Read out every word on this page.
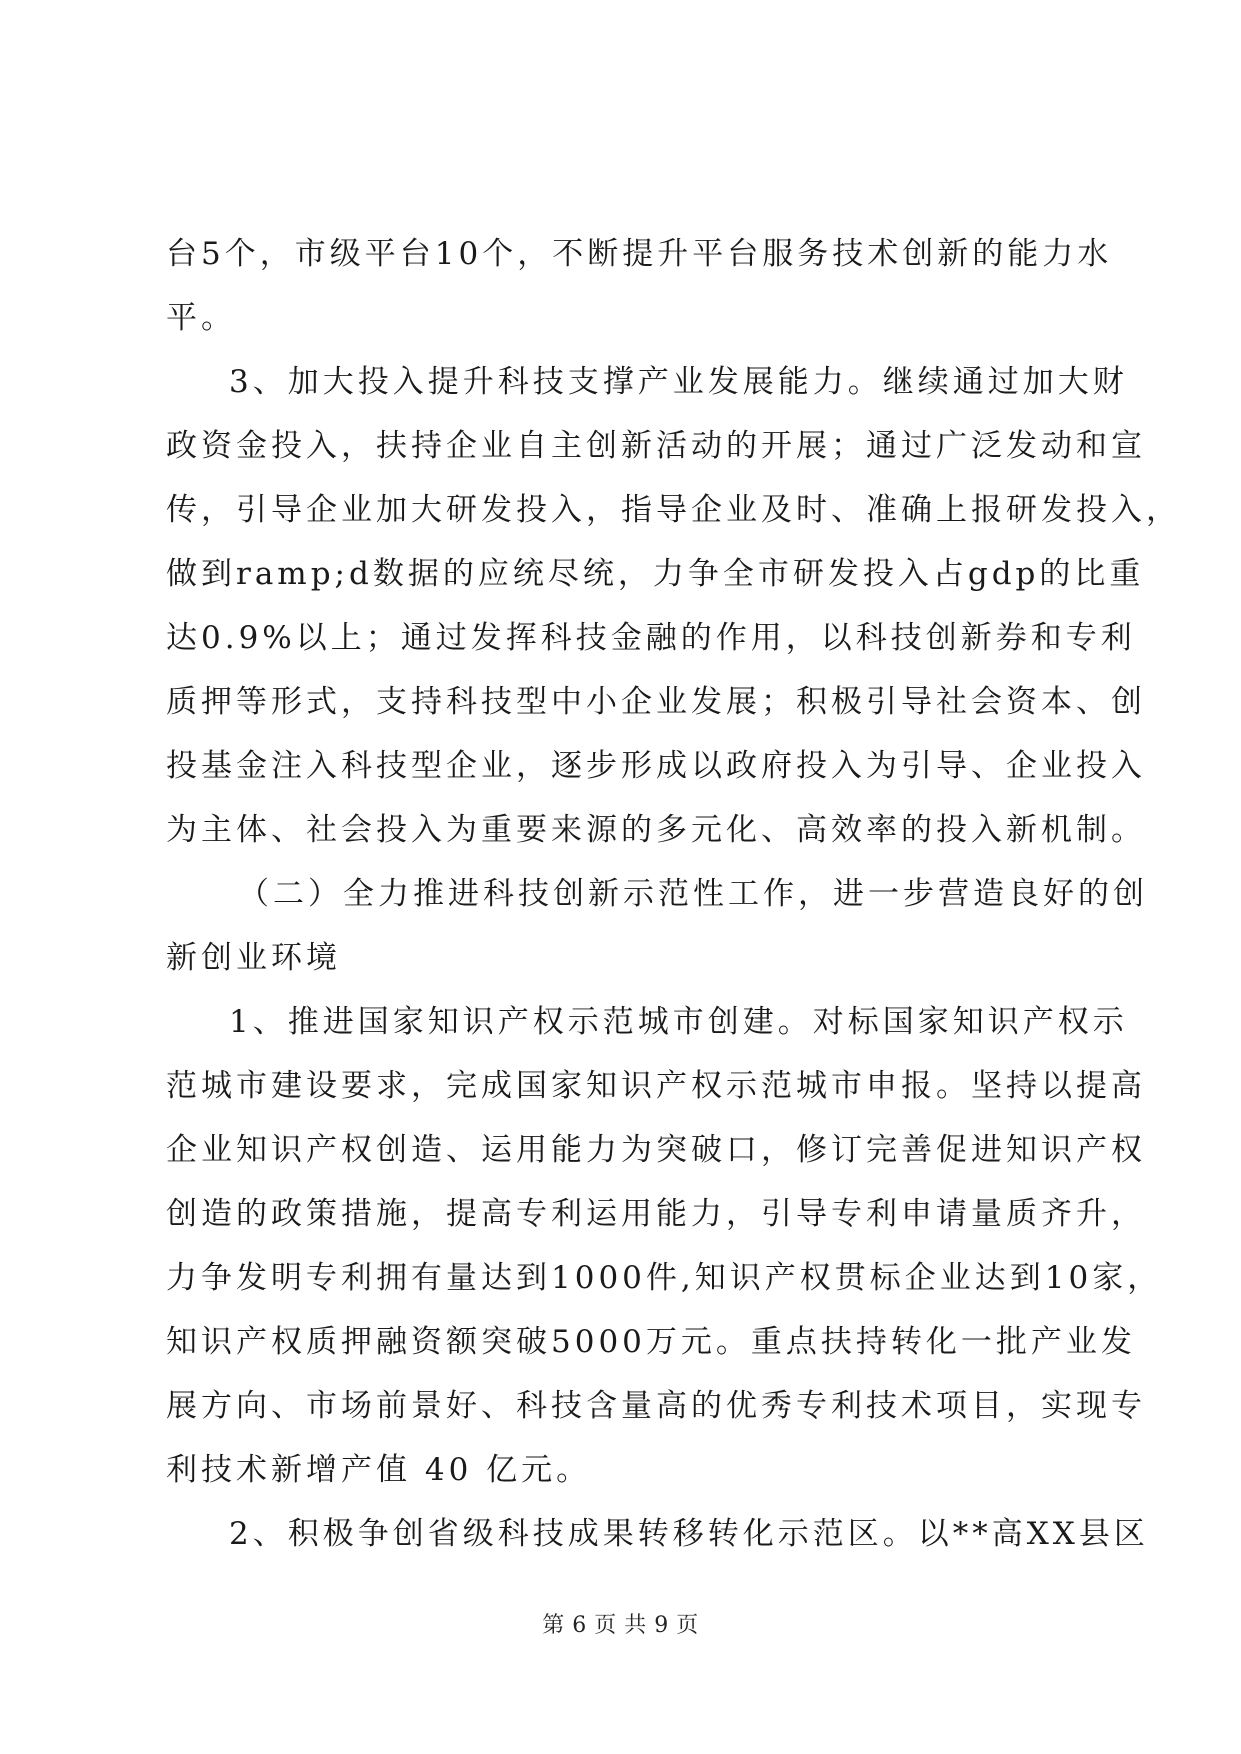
台 5 个 ， 市 级 平 台 10 个 ， 不 断 提 升 平 台 服 务 技 术 创 新 的 能 力 水
平。
3 、 加 大 投 入 提 升 科 技 支 撑 产 业 发 展 能 力 。 继 续 通 过 加 大 财
政 资 金 投 入 ， 扶 持 企 业 自 主 创 新 活 动 的 开 展 ； 通 过 广 泛 发 动 和 宣
传 ， 引 导 企 业 加 大 研 发 投 入 ， 指 导 企 业 及 时 、 准 确 上 报 研 发 投 入 ，
做 到 ramp;d 数 据 的 应 统 尽 统 ， 力 争 全 市 研 发 投 入 占 gdp 的 比 重
达 0.9% 以 上 ； 通 过 发 挥 科 技 金 融 的 作 用 ， 以 科 技 创 新 券 和 专 利
质 押 等 形 式 ， 支 持 科 技 型 中 小 企 业 发 展 ； 积 极 引 导 社 会 资 本 、 创
投 基 金 注 入 科 技 型 企 业 ， 逐 步 形 成 以 政 府 投 入 为 引 导 、 企 业 投 入
为 主 体 、 社 会 投 入 为 重 要 来 源 的 多 元 化 、 高 效 率 的 投 入 新 机 制 。
（ 二 ） 全 力 推 进 科 技 创 新 示 范 性 工 作 ， 进 一 步 营 造 良 好 的 创
新创业环境
1 、 推 进 国 家 知 识 产 权 示 范 城 市 创 建 。 对 标 国 家 知 识 产 权 示
范 城 市 建 设 要 求 ， 完 成 国 家 知 识 产 权 示 范 城 市 申 报 。 坚 持 以 提 高
企 业 知 识 产 权 创 造 、 运 用 能 力 为 突 破 口 ， 修 订 完 善 促 进 知 识 产 权
创 造 的 政 策 措 施 ， 提 高 专 利 运 用 能 力 ， 引 导 专 利 申 请 量 质 齐 升 ，
力 争 发 明 专 利 拥 有 量 达 到 1000 件 , 知 识 产 权 贯 标 企 业 达 到 10 家 ，
知 识 产 权 质 押 融 资 额 突 破 5000 万 元 。 重 点 扶 持 转 化 一 批 产 业 发
展 方 向 、 市 场 前 景 好 、 科 技 含 量 高 的 优 秀 专 利 技 术 项 目 ， 实 现 专
利技术新增产值 40 亿元。
2 、 积 极 争 创 省 级 科 技 成 果 转 移 转 化 示 范 区 。 以 ** 高 XX 县 区
第 6 页 共 9 页
